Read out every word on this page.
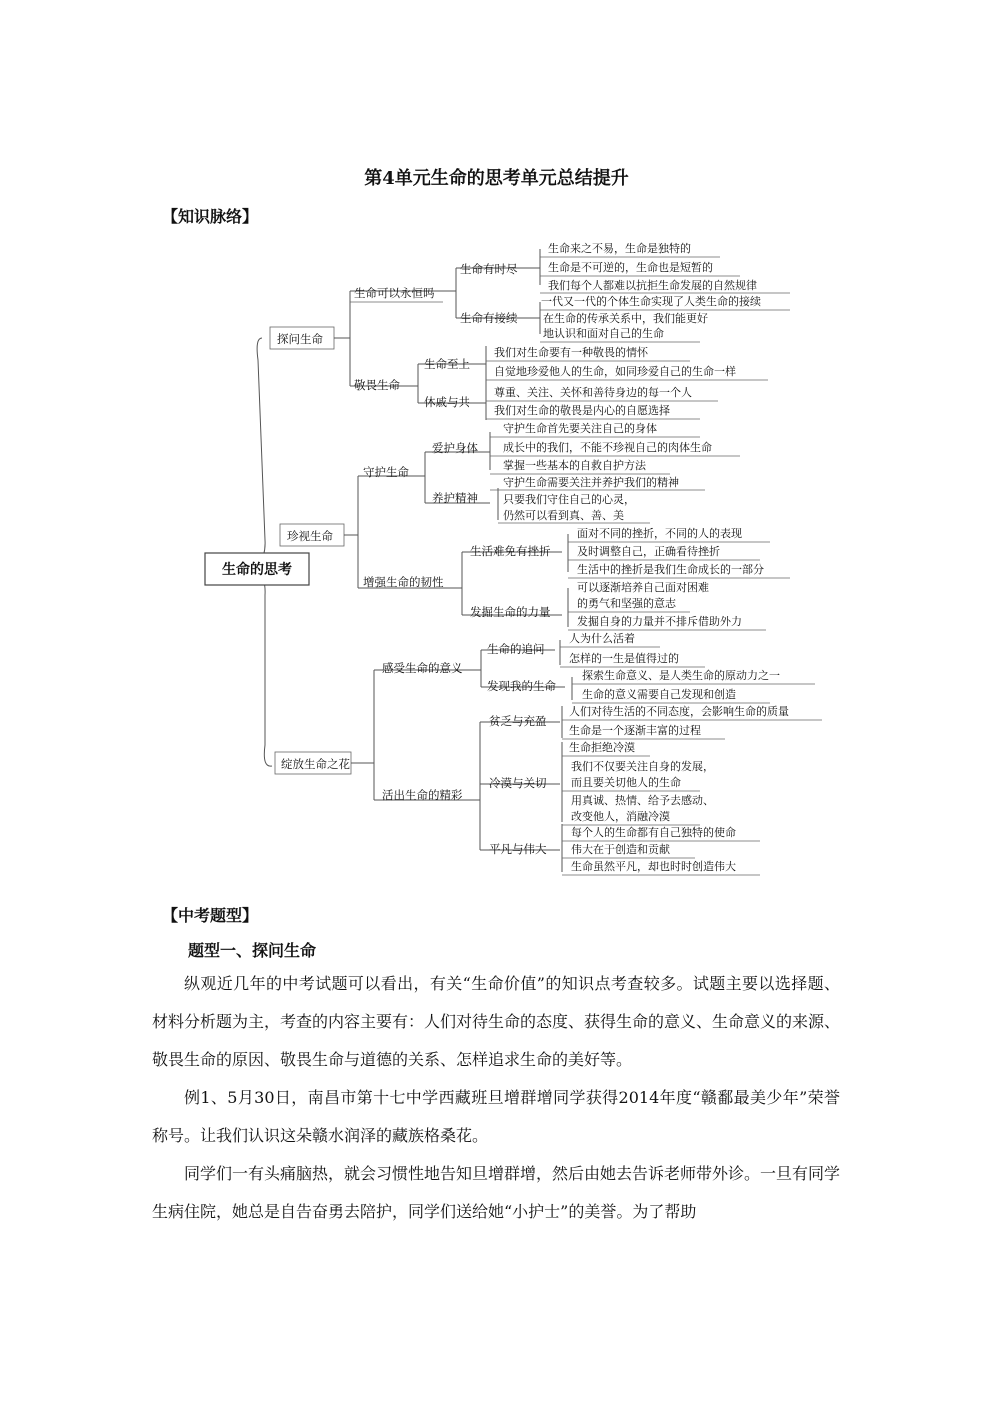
第4单元生命的思考单元总结提升
【知识脉络】
生命的思考
探问生命
生命可以永恒吗
敬畏生命
生命有时尽
生命有接续
生命来之不易，生命是独特的
生命是不可逆的，生命也是短暂的
我们每个人都难以抗拒生命发展的自然规律
一代又一代的个体生命实现了人类生命的接续
在生命的传承关系中，我们能更好
地认识和面对自己的生命
生命至上
休戚与共
我们对生命要有一种敬畏的情怀
自觉地珍爱他人的生命，如同珍爱自己的生命一样
尊重、关注、关怀和善待身边的每一个人
我们对生命的敬畏是内心的自愿选择
珍视生命
守护生命
增强生命的韧性
爱护身体
养护精神
守护生命首先要关注自己的身体
成长中的我们，不能不珍视自己的肉体生命
掌握一些基本的自救自护方法
守护生命需要关注并养护我们的精神
只要我们守住自己的心灵，
仍然可以看到真、善、美
生活难免有挫折
发掘生命的力量
面对不同的挫折，不同的人的表现
及时调整自己，正确看待挫折
生活中的挫折是我们生命成长的一部分
可以逐渐培养自己面对困难
的勇气和坚强的意志
发掘自身的力量并不排斥借助外力
绽放生命之花
感受生命的意义
活出生命的精彩
生命的追问
发现我的生命
人为什么活着
怎样的一生是值得过的
探索生命意义、是人类生命的原动力之一
生命的意义需要自己发现和创造
贫乏与充盈
冷漠与关切
平凡与伟大
人们对待生活的不同态度，会影响生命的质量
生命是一个逐渐丰富的过程
生命拒绝冷漠
我们不仅要关注自身的发展，
而且要关切他人的生命
用真诚、热情、给予去感动、
改变他人，消融冷漠
每个人的生命都有自己独特的使命
伟大在于创造和贡献
生命虽然平凡，却也时时创造伟大
【中考题型】
题型一、探问生命

纵观近几年的中考试题可以看出，有关“生命价值”的知识点考查较多。试题主要以选择题、材料分析题为主，考查的内容主要有：人们对待生命的态度、获得生命的意义、生命意义的来源、敬畏生命的原因、敬畏生命与道德的关系、怎样追求生命的美好等。

例1、5月30日，南昌市第十七中学西藏班旦增群增同学获得2014年度“赣鄱最美少年”荣誉称号。让我们认识这朵赣水润泽的藏族格桑花。

同学们一有头痛脑热，就会习惯性地告知旦增群增，然后由她去告诉老师带外诊。一旦有同学生病住院，她总是自告奋勇去陪护，同学们送给她“小护士”的美誉。为了帮助
